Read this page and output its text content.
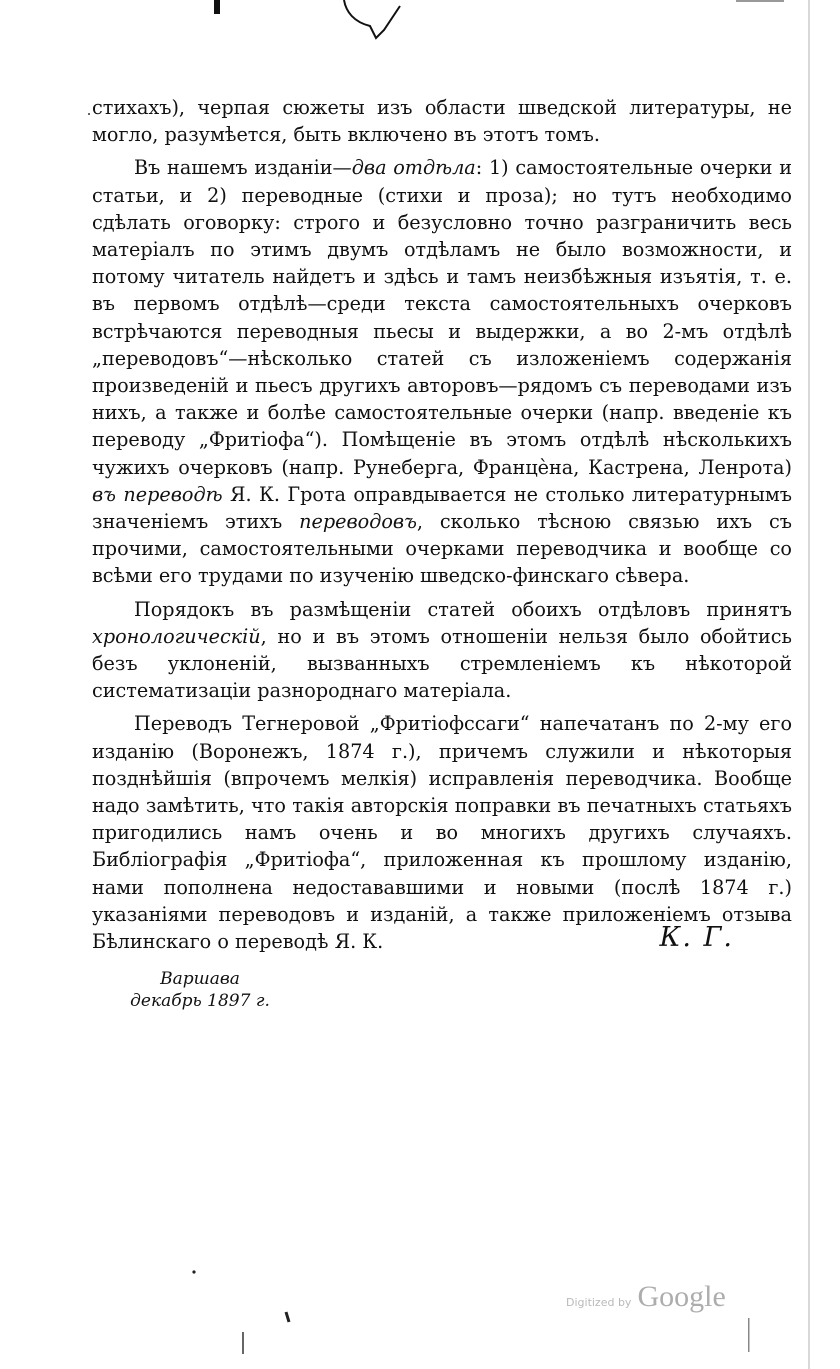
стихахъ), черпая сюжеты изъ области шведской литературы, не могло, разумѣется, быть включено въ этотъ томъ.

Въ нашемъ изданіи—два отдѣла: 1) самостоятельные очерки и статьи, и 2) переводные (стихи и проза); но тутъ необходимо сдѣлать оговорку: строго и безусловно точно разграничить весь матеріалъ по этимъ двумъ отдѣламъ не было возможности, и потому читатель найдетъ и здѣсь и тамъ неизбѣжныя изъятія, т. е. въ первомъ отдѣлѣ—среди текста самостоятельныхъ очерковъ встрѣчаются переводныя пьесы и выдержки, а во 2-мъ отдѣлѣ „переводовъ“—нѣсколько статей съ изложеніемъ содержанія произведеній и пьесъ другихъ авторовъ—рядомъ съ переводами изъ нихъ, а также и болѣе самостоятельные очерки (напр. введеніе къ переводу „Фритіофа“). Помѣщеніе въ этомъ отдѣлѣ нѣсколькихъ чужихъ очерковъ (напр. Рунеберга, Францѐна, Кастрена, Ленрота) въ переводѣ Я. К. Грота оправдывается не столько литературнымъ значеніемъ этихъ переводовъ, сколько тѣсною связью ихъ съ прочими, самостоятельными очерками переводчика и вообще со всѣми его трудами по изученію шведско-финскаго сѣвера.

Порядокъ въ размѣщеніи статей обоихъ отдѣловъ принятъ хронологическій, но и въ этомъ отношеніи нельзя было обойтись безъ уклоненій, вызванныхъ стремленіемъ къ нѣкоторой систематизаціи разнороднаго матеріала.

Переводъ Тегнеровой „Фритіофссаги“ напечатанъ по 2-му его изданію (Воронежъ, 1874 г.), причемъ служили и нѣкоторыя позднѣйшія (впрочемъ мелкія) исправленія переводчика. Вообще надо замѣтить, что такія авторскія поправки въ печатныхъ статьяхъ пригодились намъ очень и во многихъ другихъ случаяхъ. Библіографія „Фритіофа“, приложенная къ прошлому изданію, нами пополнена недостававшими и новыми (послѣ 1874 г.) указаніями переводовъ и изданій, а также приложеніемъ отзыва Бѣлинскаго о переводѣ Я. К.	К. Г.
Варшава
декабрь 1897 г.
Digitized by Google
